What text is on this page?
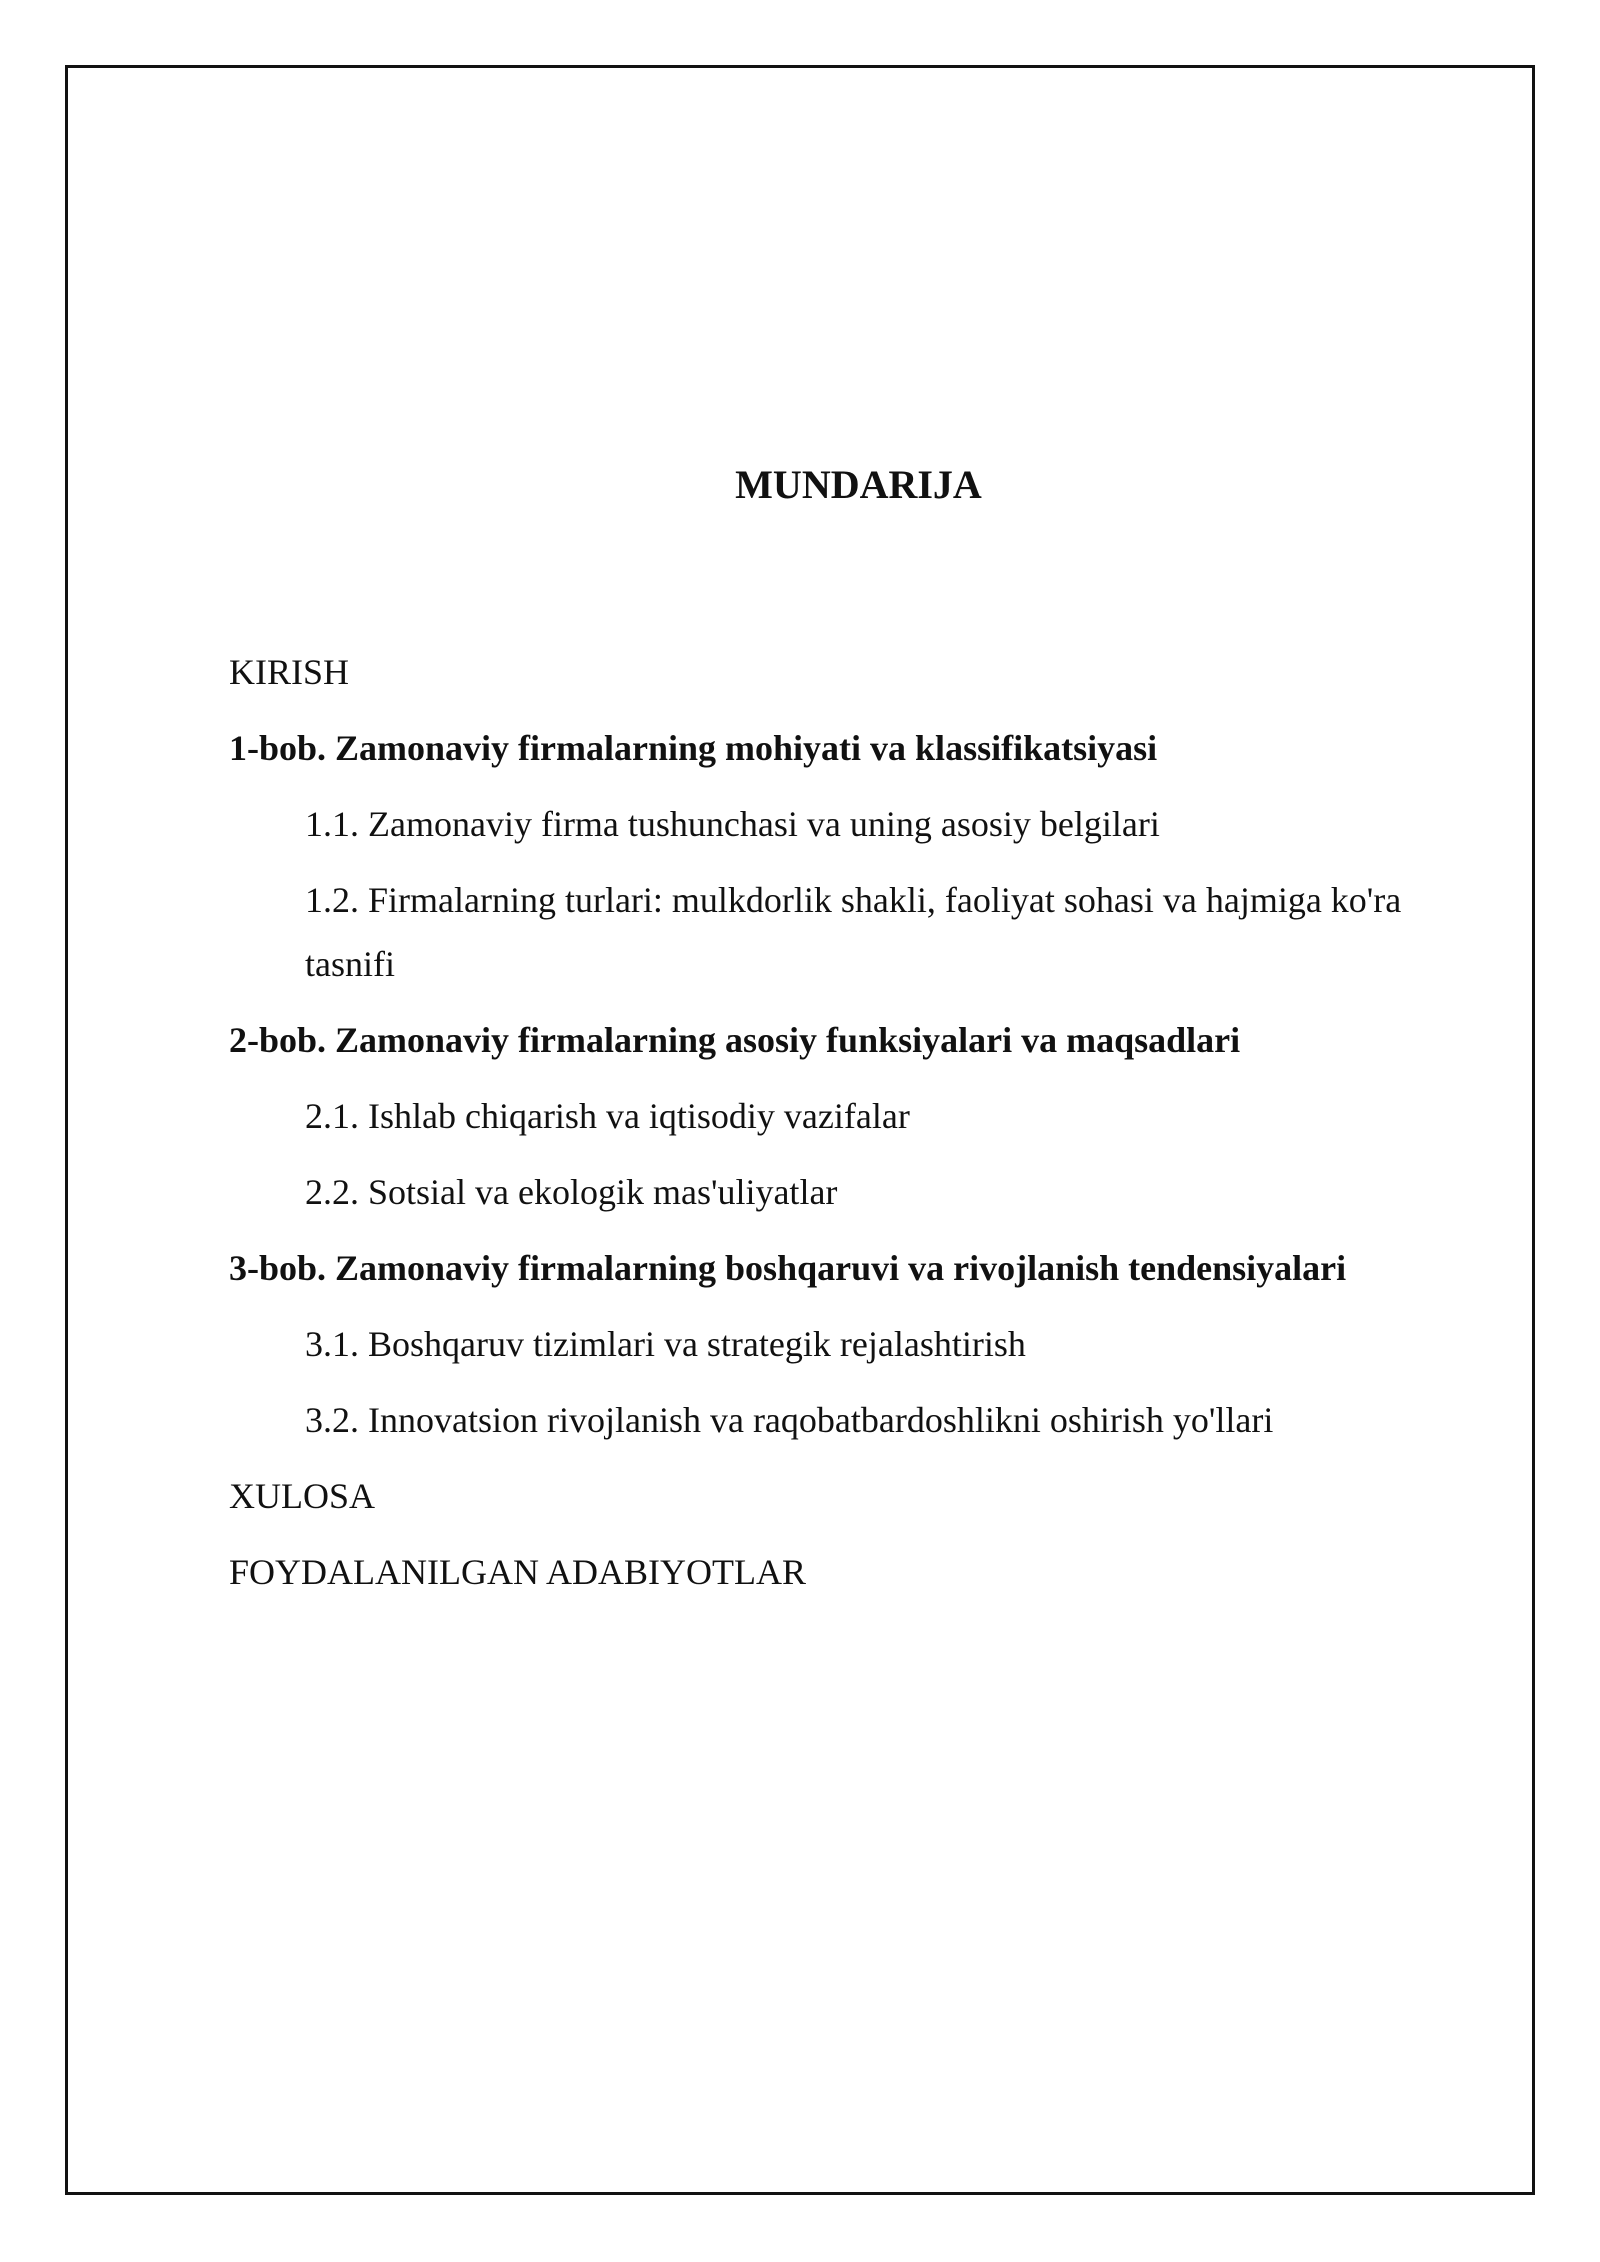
MUNDARIJA
KIRISH
1-bob. Zamonaviy firmalarning mohiyati va klassifikatsiyasi
1.1. Zamonaviy firma tushunchasi va uning asosiy belgilari
1.2. Firmalarning turlari: mulkdorlik shakli, faoliyat sohasi va hajmiga ko'ra tasnifi
2-bob. Zamonaviy firmalarning asosiy funksiyalari va maqsadlari
2.1. Ishlab chiqarish va iqtisodiy vazifalar
2.2. Sotsial va ekologik mas'uliyatlar
3-bob. Zamonaviy firmalarning boshqaruvi va rivojlanish tendensiyalari
3.1. Boshqaruv tizimlari va strategik rejalashtirish
3.2. Innovatsion rivojlanish va raqobatbardoshlikni oshirish yo'llari
XULOSA
FOYDALANILGAN ADABIYOTLAR
